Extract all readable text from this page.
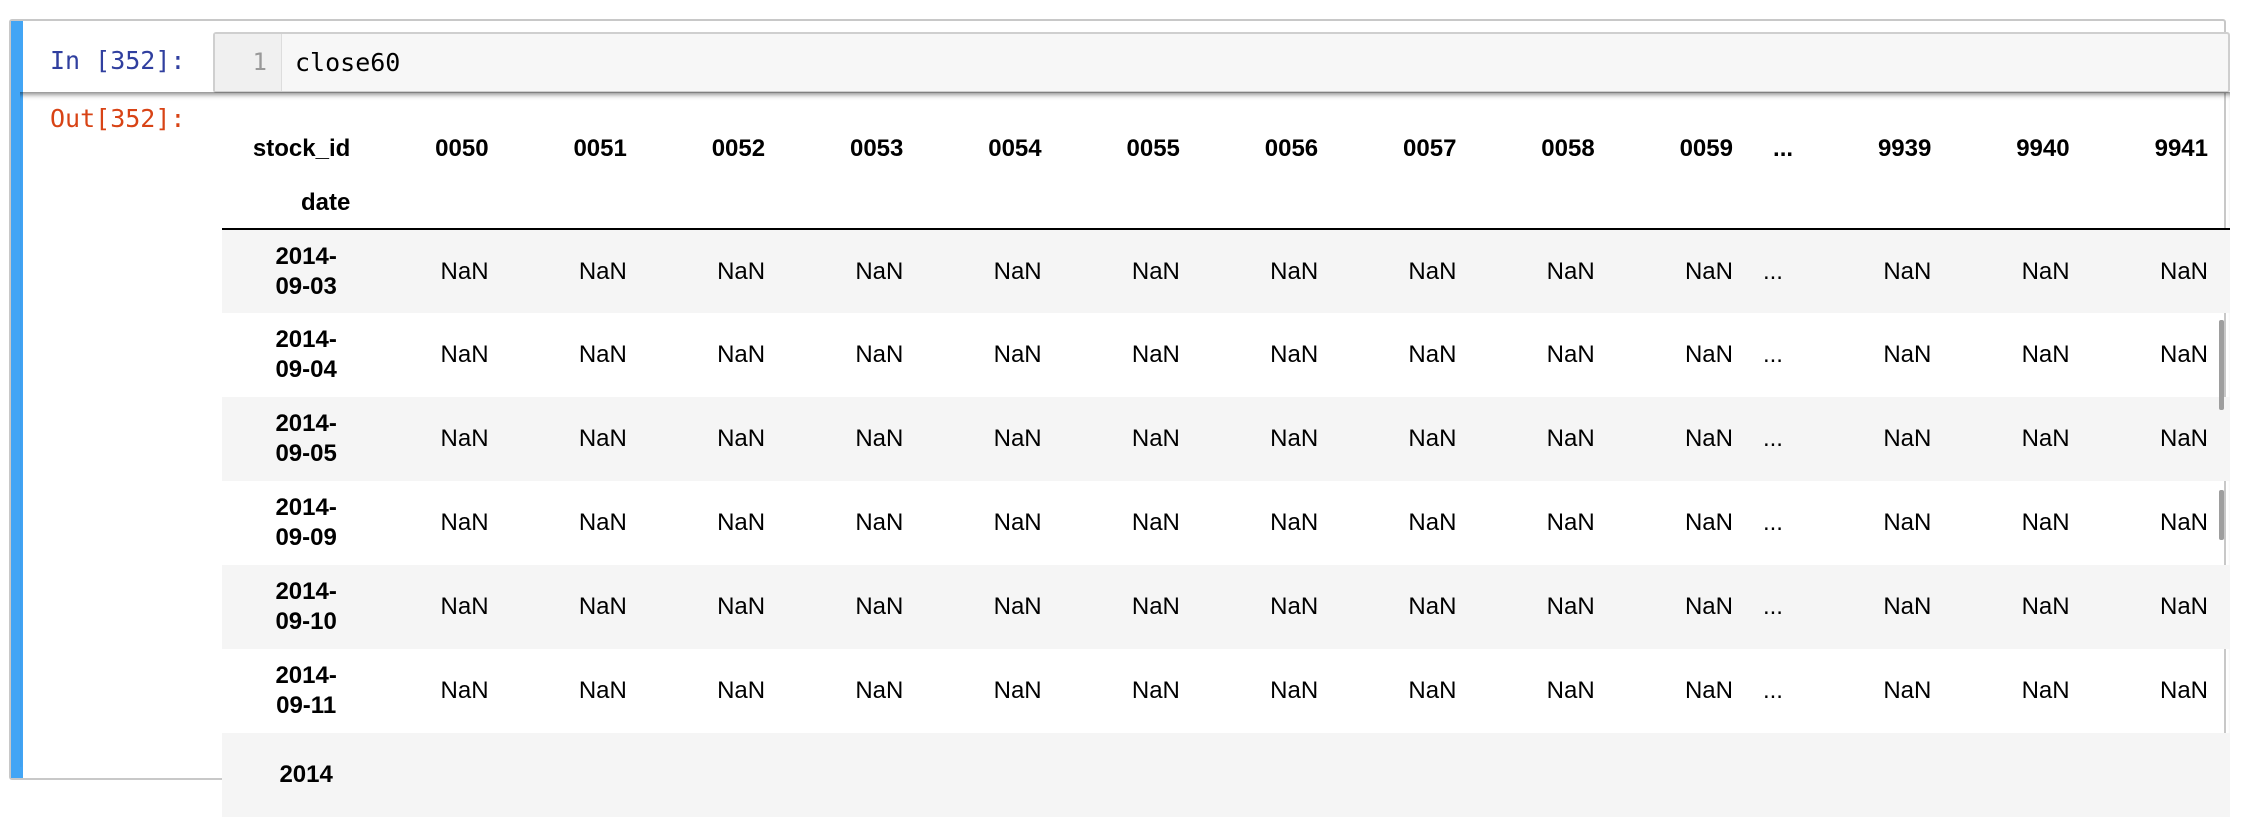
In [352]:	1 close60
Out[352]:
stock_id	0050	0051	0052	0053	0054	0055	0056	0057	0058	0059	...	9939	9940	9941
date														

2014-
09-03	NaN	NaN	NaN	NaN	NaN	NaN	NaN	NaN	NaN	NaN	...	NaN	NaN	NaN

2014-
09-04	NaN	NaN	NaN	NaN	NaN	NaN	NaN	NaN	NaN	NaN	...	NaN	NaN	NaN

2014-
09-05	NaN	NaN	NaN	NaN	NaN	NaN	NaN	NaN	NaN	NaN	...	NaN	NaN	NaN

2014-
09-09	NaN	NaN	NaN	NaN	NaN	NaN	NaN	NaN	NaN	NaN	...	NaN	NaN	NaN

2014-
09-10	NaN	NaN	NaN	NaN	NaN	NaN	NaN	NaN	NaN	NaN	...	NaN	NaN	NaN

2014-
09-11	NaN	NaN	NaN	NaN	NaN	NaN	NaN	NaN	NaN	NaN	...	NaN	NaN	NaN

2014														
